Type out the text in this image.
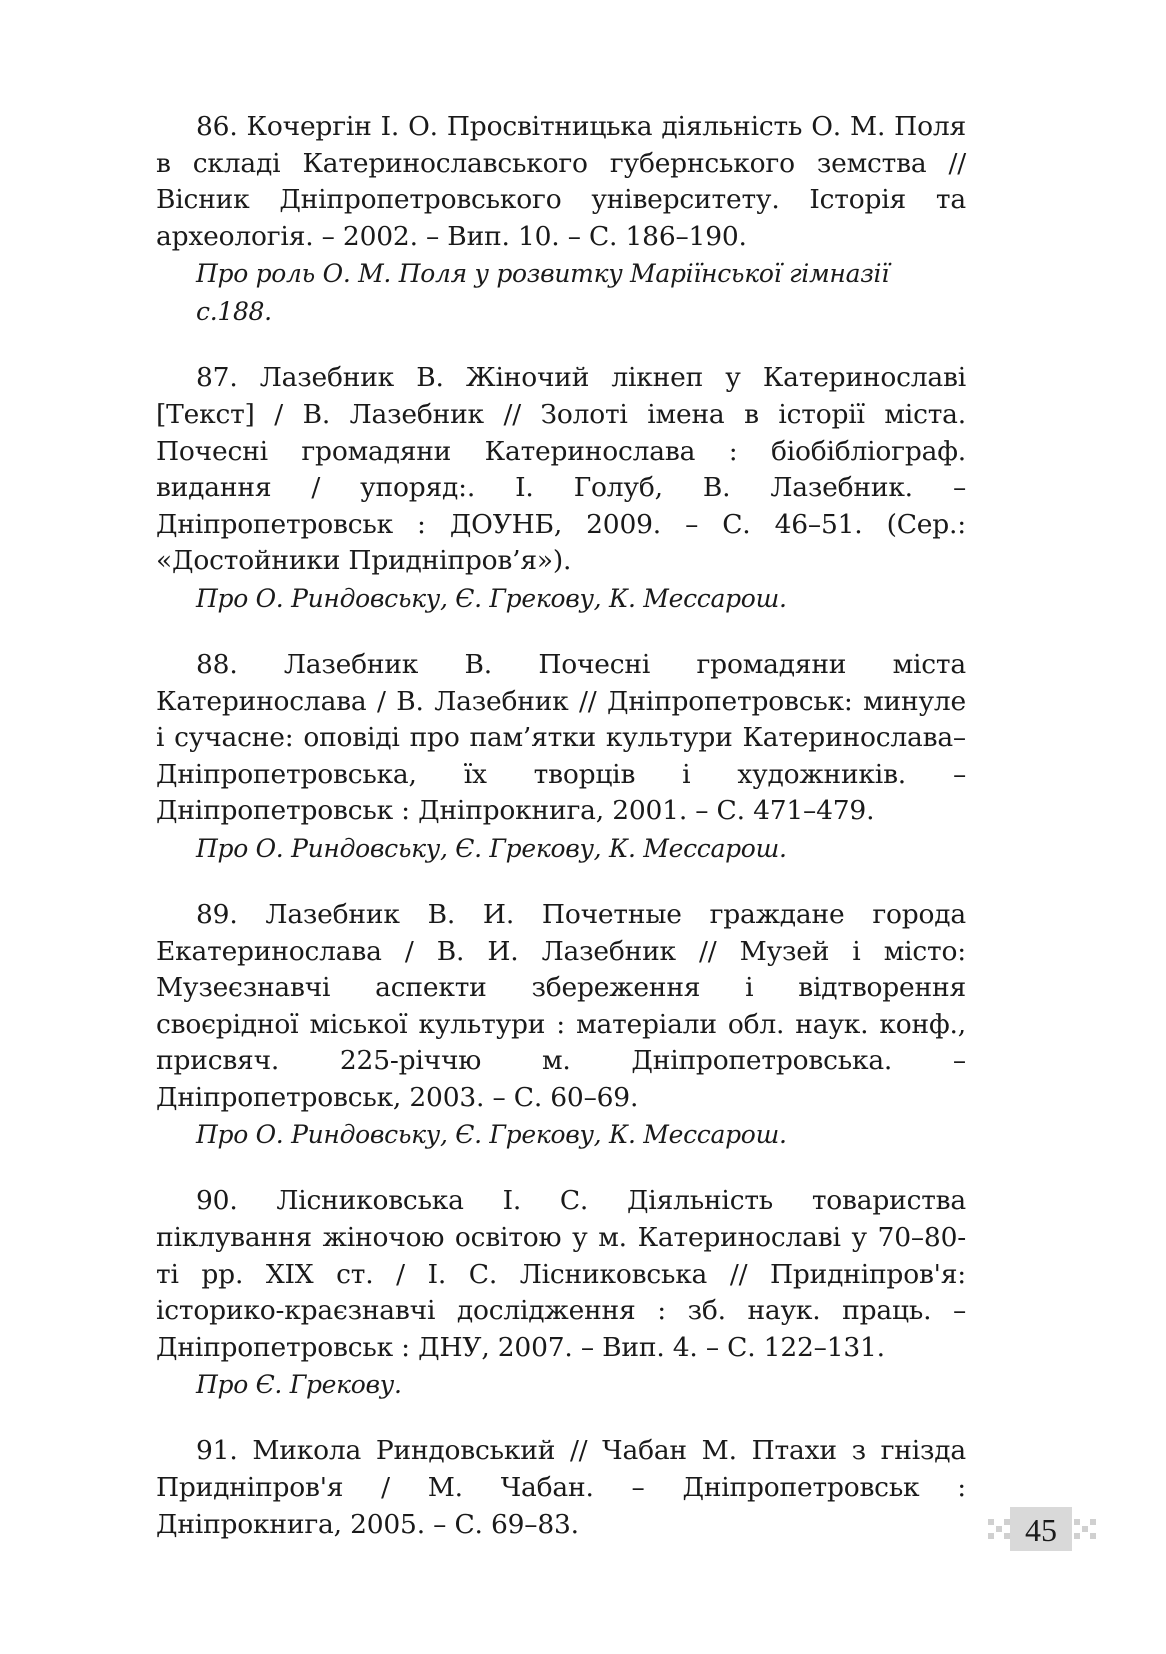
86. Кочергін І. О. Просвітницька діяльність О. М. Поля в складі Катеринославського губернського земства // Вісник Дніпропетровського університету. Історія та археологія. – 2002. – Вип. 10. – С. 186–190.

Про роль О. М. Поля у розвитку Маріїнської гімназії с.188.

87. Лазебник В. Жіночий лікнеп у Катеринославі [Текст] / В. Лазебник // Золоті імена в історії міста. Почесні громадяни Катеринослава : біобібліограф. видання / упоряд:. І. Голуб, В. Лазебник. – Дніпропетровськ : ДОУНБ, 2009. – С. 46–51. (Сер.: «Достойники Придніпров’я»).

Про О. Риндовську, Є. Грекову, К. Мессарош.

88. Лазебник В. Почесні громадяни міста Катеринослава / В. Лазебник // Дніпропетровськ: минуле і сучасне: оповіді про пам’ятки культури Катеринослава–Дніпропетровська, їх творців і художників. – Дніпропетровськ : Дніпрокнига, 2001. – С. 471–479.

Про О. Риндовську, Є. Грекову, К. Мессарош.

89. Лазебник В. И. Почетные граждане города Екатеринослава / В. И. Лазебник // Музей і місто: Музеєзнавчі аспекти збереження і відтворення своєрідної міської культури : матеріали обл. наук. конф., присвяч. 225-річчю м. Дніпропетровська. – Дніпропетровськ, 2003. – С. 60–69.

Про О. Риндовську, Є. Грекову, К. Мессарош.

90. Лісниковська І. С. Діяльність товариства піклування жіночою освітою у м. Катеринославі у 70–80-ті рр. ХІХ ст. / І. С. Лісниковська // Придніпров'я: історико-краєзнавчі дослідження : зб. наук. праць. – Дніпропетровськ : ДНУ, 2007. – Вип. 4. – С. 122–131.

Про Є. Грекову.

91. Микола Риндовський // Чабан М. Птахи з гнізда Придніпров'я / М. Чабан. – Дніпропетровськ : Дніпрокнига, 2005. – С. 69–83.	45
